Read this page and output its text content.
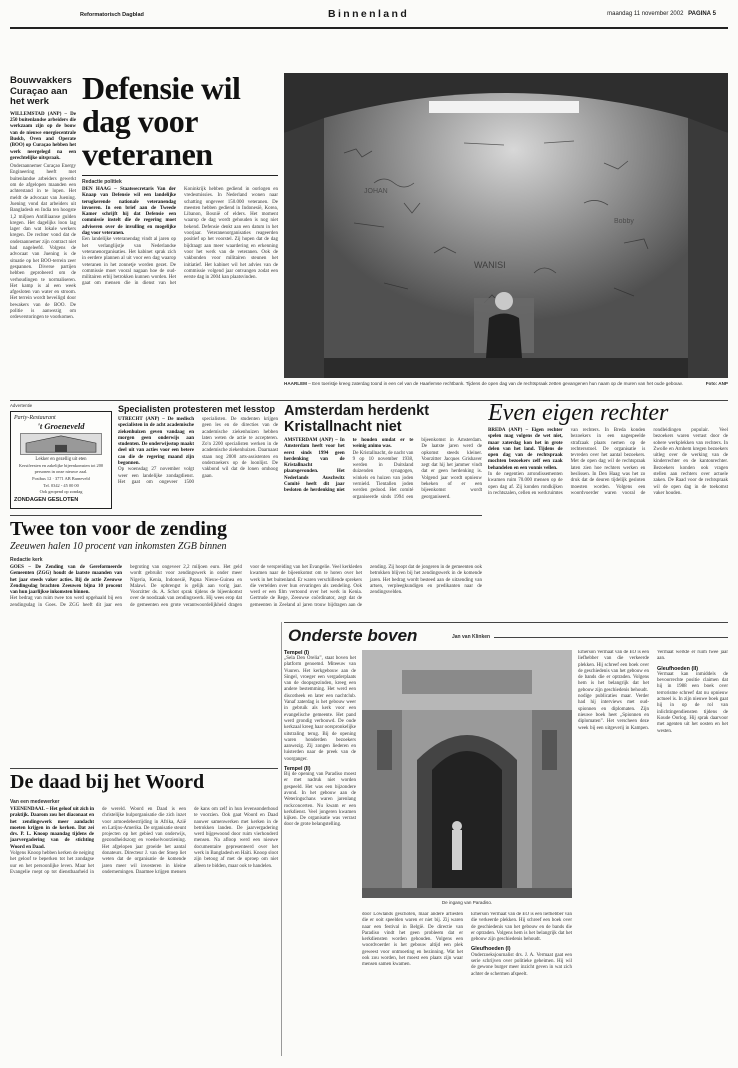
Reformatorisch Dagblad	Binnenland	maandag 11 november 2002 PAGINA 5
Bouwvakkers Curaçao aan het werk

WILLEMSTAD (ANP) – De 250 buitenlandse arbeiders die werkzaam zijn op de bouw van de nieuwe energiecentrale Buskb, Oven and Operate (BOO) op Curaçao hebben het werk neergelegd na een gerechtelijke uitspraak.

Onderaannemer Curaçao Energy Engineering heeft met buitenlandse arbeiders gewerkt om de afgelopen maanden een achterstand in te lopen. Het meldt de advocaat van Juening. Juening vond dat arbeiders uit Bangladesh en India ten hoogste 1,2 miljoen Antilliaanse gulden kregen. Het dagelijks loon lag lager dan wat lokale werkers kregen. De rechter vond dat de onderaannemer zijn contract niet had nageleefd. Volgens de advocaat van Juening is de situatie op het BOO-terrein zeer gespannen. Diverse partijen hebben geprobeerd om de verhoudingen te normaliseren. Het kamp is al een week afgesloten van water en stroom. Het terrein wordt beveiligd door bewakers van de BOO. De politie is aanwezig om ordeverstoringen te voorkomen.

Defensie wil dag voor veteranen
Redactie politiek

DEN HAAG – Staatssecretaris Van der Knaap van Defensie wil een landelijke terugkerende nationale veteranendag invoeren. In een brief aan de Tweede Kamer schrijft hij dat Defensie een commissie instelt die de regering moet adviseren over de invulling en mogelijke dag voor veteranen.

Een landelijke veteranendag vindt al jaren op het verlanglijstje van Nederlandse veteranenorganisaties. Het kabinet sprak zich in eerdere plannen al uit voor een dag waarop veteranen in het zonnetje worden gezet. De commissie moet vooral nagaan hoe de oud-militairen erbij betrokken kunnen worden. Het gaat om mensen die in dienst van het Koninkrijk hebben gediend in oorlogen en vredesmissies. In Nederland wonen naar schatting ongeveer 150.000 veteranen. De meesten hebben gediend in Indonesië, Korea, Libanon, Bosnië of elders. Het moment waarop de dag wordt gehouden is nog niet bekend. Defensie denkt aan een datum in het voorjaar. Veteranenorganisaties reageerden positief op het voorstel. Zij hopen dat de dag bijdraagt aan meer waardering en erkenning voor het werk van de veteranen. Ook de vakbonden voor militairen steunen het initiatief. Het kabinet wil het advies van de commissie volgend jaar ontvangen zodat een eerste dag in 2004 kan plaatsvinden.

WANISI
JOHAN
Bobby
HAARLEM – Een toeristje kreeg zaterdag toond in een cel van de Haarlemse rechtbank. Tijdens de open dag van de rechtspraak zetten gevangenen hun naam op de muren van het oude gebouw.	Foto: ANP
Advertentie
Party-Restaurant
't Groeneveld
Lekker en gezellig uit eten
Kerstfeesten en zakelijke bijeenkomsten tot 200 personen in onze nieuwe zaal.
Postbus 12 · 3771 AB Barneveld
Tel. 0342 - 45 00 00
Ook geopend op zondag
ZONDAGEN GESLOTEN
Specialisten protesteren met lesstop

UTRECHT (ANP) – De medisch specialisten in de acht academische ziekenhuizen geven vandaag en morgen geen onderwijs aan studenten. De onderwijsstop maakt deel uit van acties voor een betere cao die de regering maand zijn begonnen.

Op woensdag 27 november volgt weer een landelijke zondagdienst. Het gaat om ongeveer 1500 specialisten. De studenten krijgen geen les en de directies van de academische ziekenhuizen hebben laten weten de actie te accepteren. Zo'n 2200 specialisten werken in de academische ziekenhuizen. Daarnaast staan nog 2000 arts-assistenten en onderzoekers op de loonlijst. De vakbond wil dat de lonen omhoog gaan.

Amsterdam herdenkt Kristallnacht niet

AMSTERDAM (ANP) – In Amsterdam heeft voor het eerst sinds 1994 geen herdenking van de Kristallnacht plaatsgevonden. Het Nederlands Auschwitz Comité heeft dit jaar besloten de herdenking niet te houden omdat er te weinig animo was.

De Kristallnacht, de nacht van 9 op 10 november 1938, werden in Duitsland duizenden synagogen, winkels en huizen van joden vernield. Tientallen joden werden gedood. Het comité organiseerde sinds 1994 een bijeenkomst in Amsterdam. De laatste jaren werd de opkomst steeds kleiner. Voorzitter Jacques Grishaver zegt dat hij het jammer vindt dat er geen herdenking is. Volgend jaar wordt opnieuw bekeken of er een bijeenkomst wordt georganiseerd.

Even eigen rechter

BREDA (ANP) – Eigen rechter spelen mag volgens de wet niet, maar zaterdag kon het in grote delen van het land. Tijdens de open dag van de rechtspraak mochten bezoekers zelf een zaak behandelen en een vonnis vellen.

In de negentien arrondissementen kwamen ruim 70.000 mensen op de open dag af. Zij konden rondkijken in rechtszalen, cellen en werkruimtes van rechters. In Breda konden bezoekers in een nagespeelde strafzaak plaats nemen op de rechtersstoel. De organisatie is tevreden over het aantal bezoekers. Met de open dag wil de rechtspraak laten zien hoe rechters werken en beslissen. In Den Haag was het zo druk dat de deuren tijdelijk gesloten moesten worden. Volgens een woordvoerder waren vooral de rondleidingen populair. Veel bezoekers waren verrast door de sobere werkplekken van rechters. In Zwolle en Arnhem kregen bezoekers uitleg over de werking van de kinderrechter en de kantonrechter. Bezoekers konden ook vragen stellen aan rechters over actuele zaken. De Raad voor de rechtspraak wil de open dag in de toekomst vaker houden.

Twee ton voor de zending
Zeeuwen halen 10 procent van inkomsten ZGB binnen
Redactie kerk

GOES – De Zending van de Gereformeerde Gemeenten (ZGG) houdt de laatste maanden van het jaar steeds vaker acties. Bij de actie Zeeuwse Zendingsdag brachten Zeeuwen bijna 10 procent van hun jaarlijkse inkomsten binnen.

Het bedrag van ruim twee ton werd opgehaald bij een zendingsdag in Goes. De ZGG heeft dit jaar een begroting van ongeveer 2,2 miljoen euro. Het geld wordt gebruikt voor zendingswerk in onder meer Nigeria, Kenia, Indonesië, Papua Nieuw-Guinea en Malawi. De opbrengst is gelijk aan vorig jaar. Voorzitter ds. A. Schot sprak tijdens de bijeenkomst over de noodzaak van zendingswerk. Hij wees erop dat de gemeenten een grote verantwoordelijkheid dragen voor de verspreiding van het Evangelie. Veel kerkleden kwamen naar de bijeenkomst om te horen over het werk in het buitenland. Er waren verschillende sprekers die vertelden over hun ervaringen als zendeling. Ook werd er een film vertoond over het werk in Kenia. Gertrude de Rege, Zeeuwse coördinator, zegt dat de gemeenten in Zeeland al jaren trouw bijdragen aan de zending. Zij hoopt dat de jongeren in de gemeenten ook betrokken blijven bij het zendingswerk in de komende jaren. Het bedrag wordt besteed aan de uitzending van artsen, verpleegkundigen en predikanten naar de zendingsvelden.

Onderste boven	Jan van Klinken
Tempel (I)

„Sela Den Orelia”, staat boven het platform genoemd. Miteeuw van Vuuren. Het kerkgebouw aan de Singel, vroeger een vergaderplaats van de doopsgezinden, kreeg een andere bestemming. Het werd een discotheek en later een nachtclub. Vanaf zaterdag is het gebouw weer in gebruik als kerk voor een evangelische gemeente. Het pand werd grondig verbouwd. De oude kerkzaal kreeg haar oorspronkelijke uitstraling terug. Bij de opening waren honderden bezoekers aanwezig. Zij zongen liederen en luisterden naar de preek van de voorganger.

Tempel (II)

Bij de opening van Paradiso moest er met nadruk niet worden gespeeld. Het was een bijzondere avond. In het gebouw aan de Weteringschans waren jarenlang rockconcerten. Nu kwam er een kerkdienst. Veel jongeren kwamen kijken. De organisatie was verrast door de grote belangstelling.

De ingang van Paradiso.

door Lowlands geschoten, maar andere artiesten die er ooit speelden waren er niet bij. Zij waren naar een festival in België. De directie van Paradiso vindt het geen probleem dat er kerkdiensten worden gehouden. Volgens een woordvoerder is het gebouw altijd een plek geweest voor ontmoeting en bezinning. Wat het ook zou worden, het moest een plaats zijn waar mensen samen kwamen.

Emerson Vermaat van de EO is een liefhebber van die verkeerde plekken. Hij schreef een boek over de geschiedenis van het gebouw en de bands die er optraden. Volgens hem is het belangrijk dat het gebouw zijn geschiedenis behoudt.

Gleufhoeden (I)

Onderzoeksjournalist drs. J. A. Vermaat gaat een serie schrijven over politieke geheimen. Hij wil de gewone burger meer inzicht geven in wat zich achter de schermen afspeelt.

Emerson Vermaat van de EO is een liefhebber van die verkeerde plekken. Hij schreef een boek over de geschiedenis van het gebouw en de bands die er optraden. Volgens hem is het belangrijk dat het gebouw zijn geschiedenis behoudt.

nodige publicaties maar. Verder had hij interviews met oud-spionnen en diplomaten. Zijn nieuwe boek heet „Spionnen en diplomaten”. Het verscheen deze week bij een uitgeverij in Kampen. Vermaat werkte er ruim twee jaar aan.

Gleufhoeden (II)

Vermaat kan inmiddels de bevoorrechte positie claimen dat hij in 1988 een boek over terrorisme schreef dat nu opnieuw actueel is. In zijn nieuwe boek gaat hij in op de rol van inlichtingendiensten tijdens de Koude Oorlog. Hij sprak daarvoor met agenten uit het oosten en het westen.

De daad bij het Woord
Van een medewerker

VEENENDAAL – Het geloof uit zich in praktijk. Daarom zou het diaconaat en het zendingswerk meer aandacht moeten krijgen in de kerken. Dat zei drs. P. L. Knoop maandag tijdens de jaarvergadering van de stichting Woord en Daad.

Volgens Knoop hebben kerken de neiging het geloof te beperken tot het zondagse uur en het persoonlijke leven. Maar het Evangelie roept op tot dienstbaarheid in de wereld. Woord en Daad is een christelijke hulporganisatie die zich inzet voor armoedebestrijding in Afrika, Azië en Latijns-Amerika. De organisatie steunt projecten op het gebied van onderwijs, gezondheidszorg en voedselvoorziening. Het afgelopen jaar groeide het aantal donateurs. Directeur J. van der Stoep liet weten dat de organisatie de komende jaren meer wil investeren in kleine ondernemingen. Daarmee krijgen mensen de kans om zelf in hun levensonderhoud te voorzien. Ook gaat Woord en Daad nauwer samenwerken met kerken in de betrokken landen. De jaarvergadering werd bijgewoond door ruim vierhonderd mensen. Na afloop werd een nieuwe documentaire gepresenteerd over het werk in Bangladesh en Haïti. Knoop sloot zijn betoog af met de oproep om niet alleen te bidden, maar ook te handelen.
